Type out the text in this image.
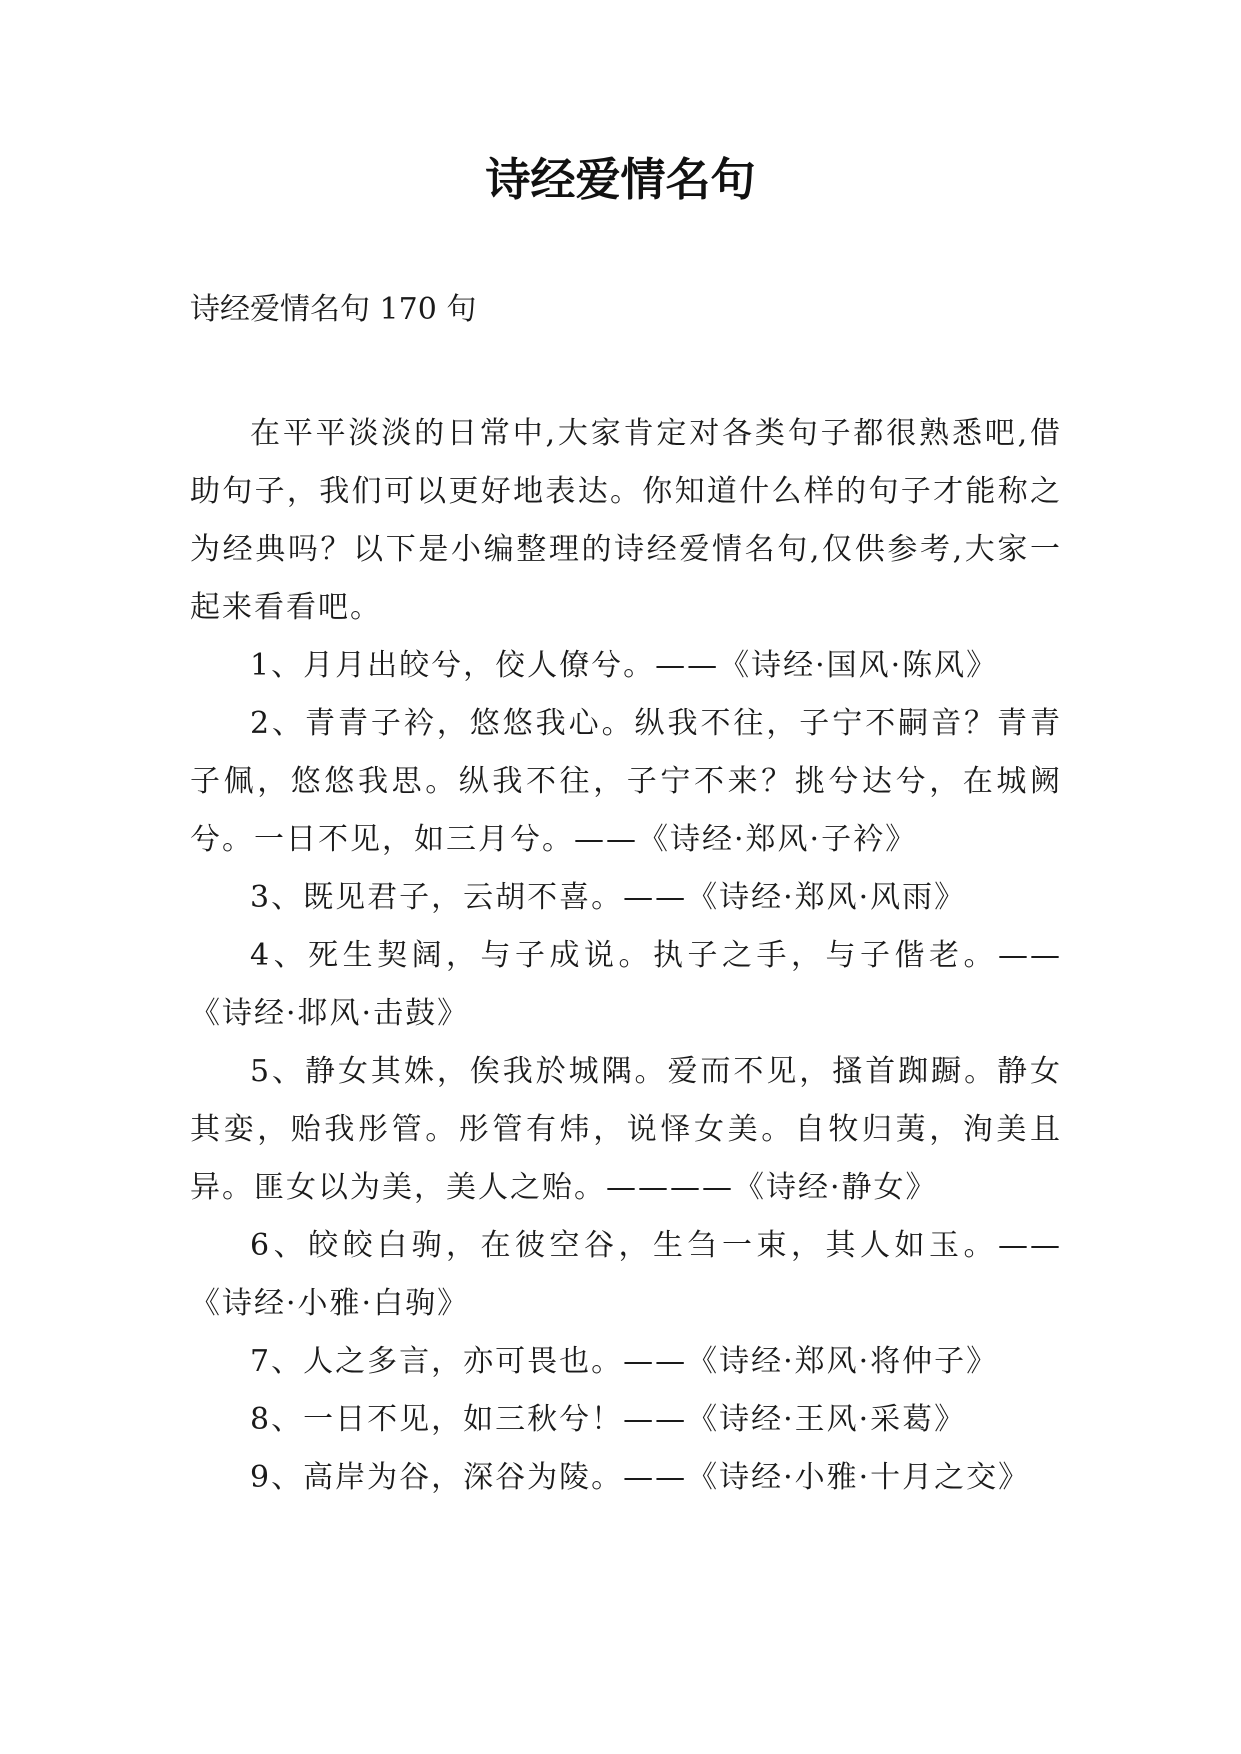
诗经爱情名句

诗经爱情名句 170 句

在平平淡淡的日常中,大家肯定对各类句子都很熟悉吧,借助句子，我们可以更好地表达。你知道什么样的句子才能称之为经典吗？以下是小编整理的诗经爱情名句,仅供参考,大家一起来看看吧。

1、月月出皎兮，佼人僚兮。——《诗经·国风·陈风》

2、青青子衿，悠悠我心。纵我不往，子宁不嗣音？青青子佩，悠悠我思。纵我不往，子宁不来？挑兮达兮，在城阙兮。一日不见，如三月兮。——《诗经·郑风·子衿》

3、既见君子，云胡不喜。——《诗经·郑风·风雨》

4、死生契阔，与子成说。执子之手，与子偕老。——《诗经·邶风·击鼓》

5、静女其姝，俟我於城隅。爱而不见，搔首踟蹰。静女其娈，贻我彤管。彤管有炜，说怿女美。自牧归荑，洵美且异。匪女以为美，美人之贻。————《诗经·静女》

6、皎皎白驹，在彼空谷，生刍一束，其人如玉。——《诗经·小雅·白驹》

7、人之多言，亦可畏也。——《诗经·郑风·将仲子》

8、一日不见，如三秋兮！——《诗经·王风·采葛》

9、高岸为谷，深谷为陵。——《诗经·小雅·十月之交》
